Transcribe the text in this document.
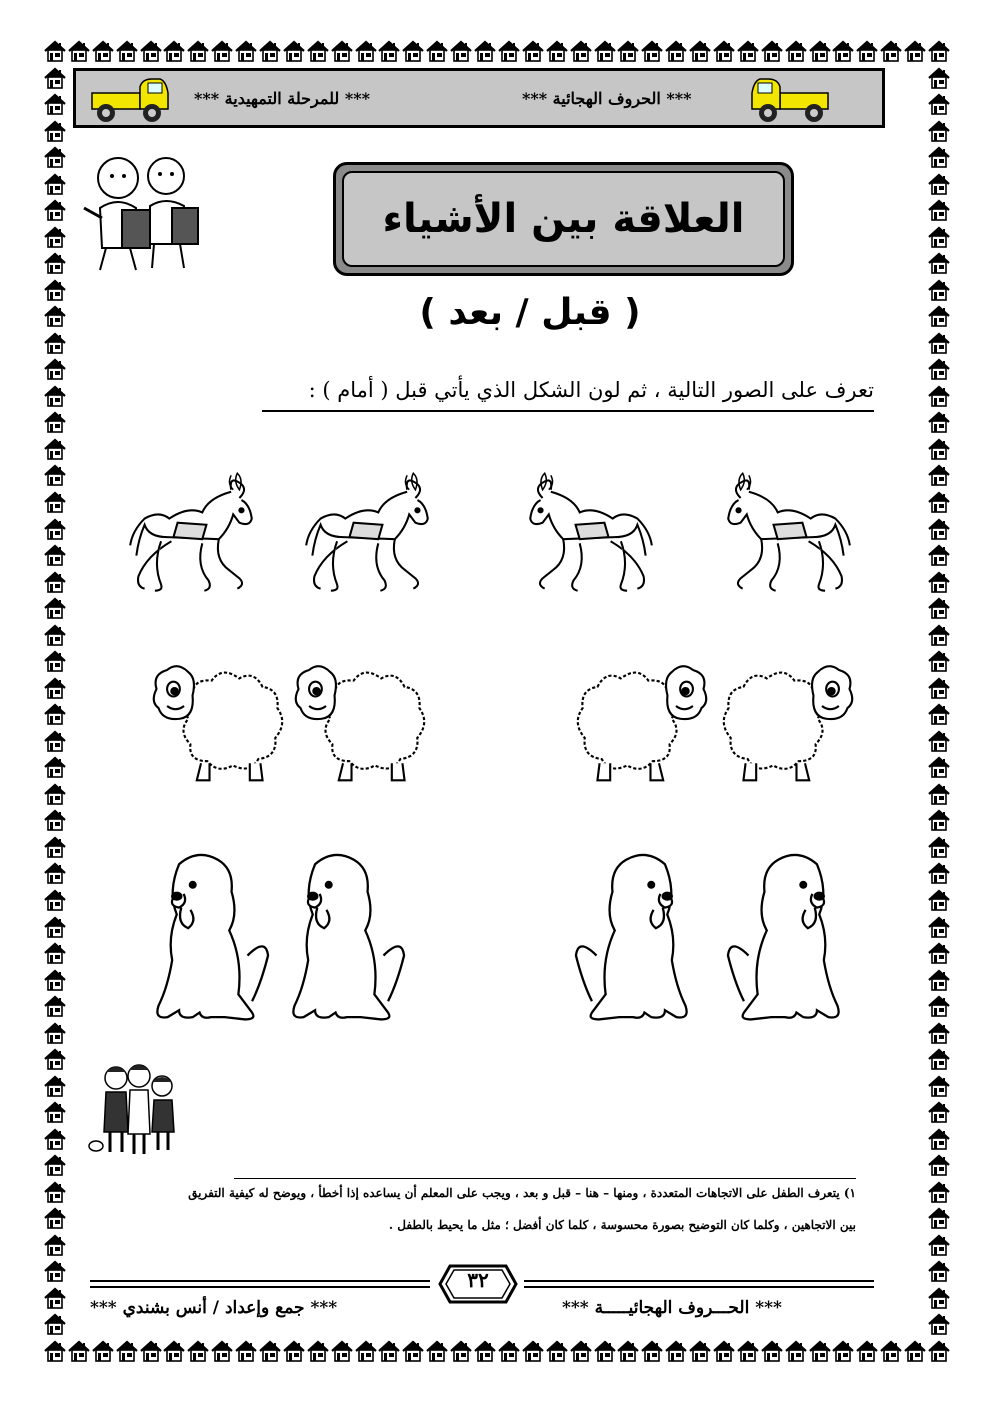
*** للمرحلة التمهيدية ***	*** الحروف الهجائية ***
العلاقة بين الأشياء
( قبل / بعد )
تعرف على الصور التالية ، ثم لون الشكل الذي يأتي قبل ( أمام ) :
١) يتعرف الطفل على الاتجاهات المتعددة ، ومنها – هنا – قبل و بعد ، ويجب على المعلم أن يساعده إذا أخطأ ، ويوضح له كيفية التفريق
بين الاتجاهين ، وكلما كان التوضيح بصورة محسوسة ، كلما كان أفضل ؛ مثل ما يحيط بالطفل .
٣٢
*** جمع وإعداد / أنس بشندي ***	*** الحـــروف الهجائيـــــة ***
